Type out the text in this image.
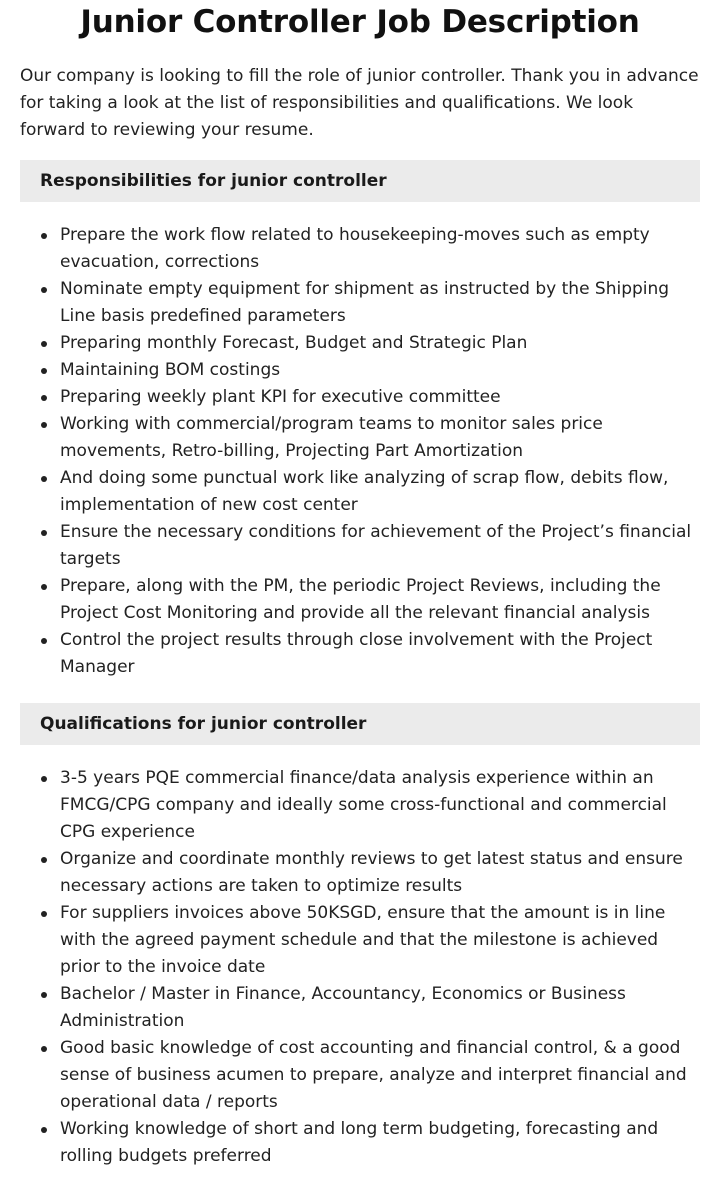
Junior Controller Job Description

Our company is looking to fill the role of junior controller. Thank you in advance for taking a look at the list of responsibilities and qualifications. We look forward to reviewing your resume.

Responsibilities for junior controller
Prepare the work flow related to housekeeping-moves such as empty evacuation, corrections
Nominate empty equipment for shipment as instructed by the Shipping Line basis predefined parameters
Preparing monthly Forecast, Budget and Strategic Plan
Maintaining BOM costings
Preparing weekly plant KPI for executive committee
Working with commercial/program teams to monitor sales price movements, Retro-billing, Projecting Part Amortization
And doing some punctual work like analyzing of scrap flow, debits flow, implementation of new cost center
Ensure the necessary conditions for achievement of the Project’s financial targets
Prepare, along with the PM, the periodic Project Reviews, including the Project Cost Monitoring and provide all the relevant financial analysis
Control the project results through close involvement with the Project Manager
Qualifications for junior controller
3-5 years PQE commercial finance/data analysis experience within an FMCG/CPG company and ideally some cross-functional and commercial CPG experience
Organize and coordinate monthly reviews to get latest status and ensure necessary actions are taken to optimize results
For suppliers invoices above 50KSGD, ensure that the amount is in line with the agreed payment schedule and that the milestone is achieved prior to the invoice date
Bachelor / Master in Finance, Accountancy, Economics or Business Administration
Good basic knowledge of cost accounting and financial control, & a good sense of business acumen to prepare, analyze and interpret financial and operational data / reports
Working knowledge of short and long term budgeting, forecasting and rolling budgets preferred
